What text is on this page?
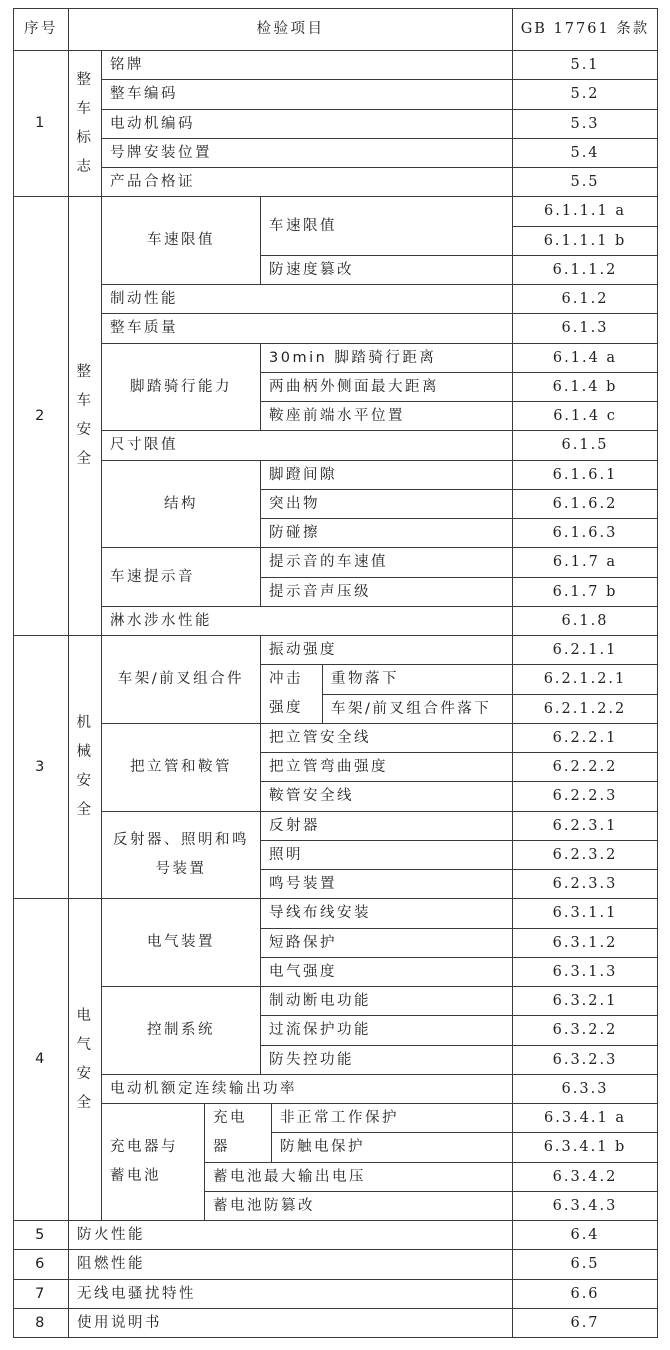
序号	检验项目	GB 17761 条款
1
整
车
标
志
2
整
车
安
全
3
机
械
安
全
4
电
气
安
全
5
6
7
8
铭牌
整车编码
电动机编码
号牌安装位置
产品合格证
车速限值
车速限值
防速度篡改
制动性能
整车质量
脚踏骑行能力
30min 脚踏骑行距离
两曲柄外侧面最大距离
鞍座前端水平位置
尺寸限值
结构
脚蹬间隙
突出物
防碰擦
车速提示音
提示音的车速值
提示音声压级
淋水涉水性能
车架/前叉组合件
振动强度
冲击
强度
重物落下
车架/前叉组合件落下
把立管和鞍管
把立管安全线
把立管弯曲强度
鞍管安全线
反射器、照明和鸣
号装置
反射器
照明
鸣号装置
电气装置
导线布线安装
短路保护
电气强度
控制系统
制动断电功能
过流保护功能
防失控功能
电动机额定连续输出功率
充电器与
蓄电池
充电
器
非正常工作保护
防触电保护
蓄电池最大输出电压
蓄电池防篡改
防火性能
阻燃性能
无线电骚扰特性
使用说明书
5.1
5.2
5.3
5.4
5.5
6.1.1.1 a
6.1.1.1 b
6.1.1.2
6.1.2
6.1.3
6.1.4 a
6.1.4 b
6.1.4 c
6.1.5
6.1.6.1
6.1.6.2
6.1.6.3
6.1.7 a
6.1.7 b
6.1.8
6.2.1.1
6.2.1.2.1
6.2.1.2.2
6.2.2.1
6.2.2.2
6.2.2.3
6.2.3.1
6.2.3.2
6.2.3.3
6.3.1.1
6.3.1.2
6.3.1.3
6.3.2.1
6.3.2.2
6.3.2.3
6.3.3
6.3.4.1 a
6.3.4.1 b
6.3.4.2
6.3.4.3
6.4
6.5
6.6
6.7
